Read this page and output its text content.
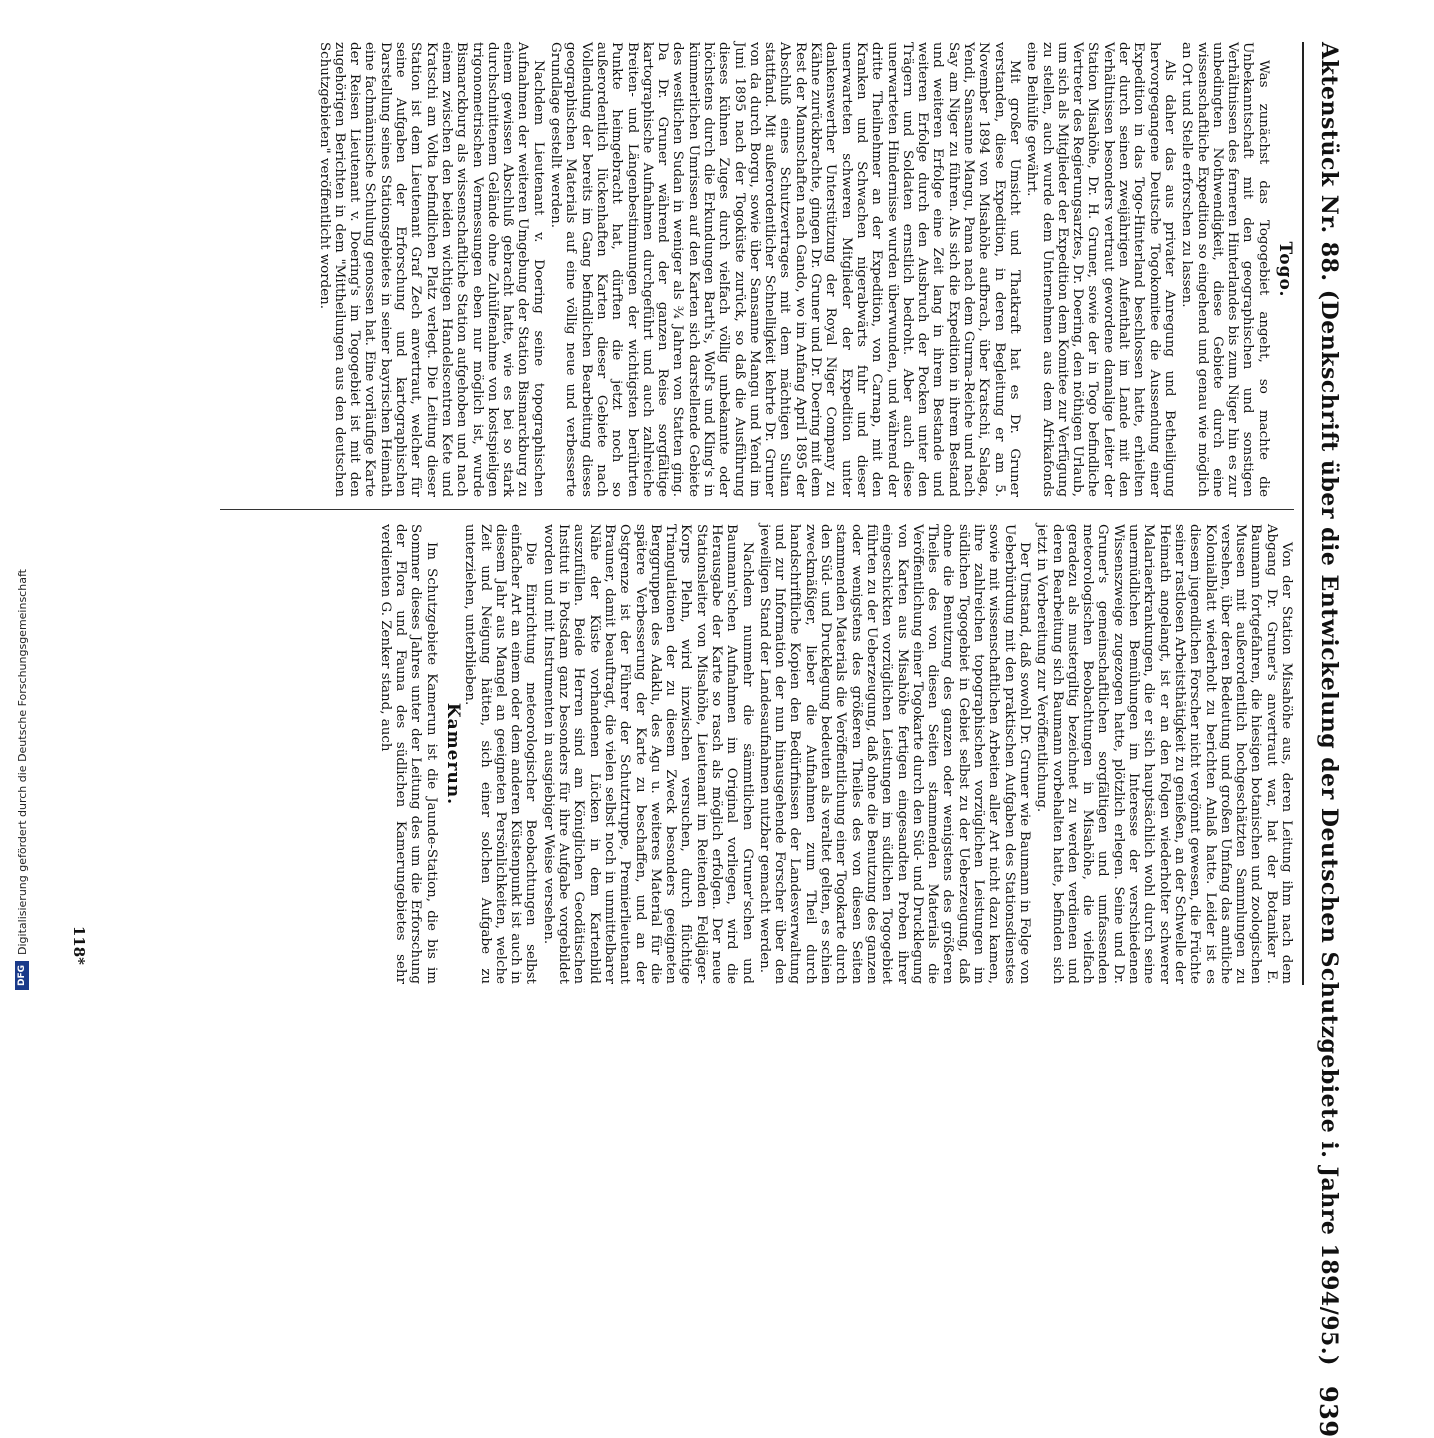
DFG
Digitalisierung gefördert durch die Deutsche Forschungsgemeinschaft	Aktenstück Nr. 88. (Denkschrift über die Entwickelung der Deutschen Schutzgebiete i. Jahre 1894/95.)
939
Togo.

Was zunächst das Togogebiet angeht, so machte die Unbekanntschaft mit den geographischen und sonstigen Verhältnissen des ferneren Hinterlandes bis zum Niger hin es zur unbedingten Nothwendigkeit, diese Gebiete durch eine wissenschaftliche Expedition so eingehend und genau wie möglich an Ort und Stelle erforschen zu lassen.

Als daher das aus privater Anregung und Betheiligung hervorgegangene Deutsche Togokomitee die Aussendung einer Expedition in das Togo-Hinterland beschlossen hatte, erhielten der durch seinen zweijährigen Aufenthalt im Lande mit den Verhältnissen besonders vertraut gewordene damalige Leiter der Station Misahöhe, Dr. H. Gruner, sowie der in Togo befindliche Vertreter des Regierungsarztes, Dr. Doering, den nöthigen Urlaub, um sich als Mitglieder der Expedition dem Komitee zur Verfügung zu stellen, auch wurde dem Unternehmen aus dem Afrikafonds eine Beihülfe gewährt.

Mit großer Umsicht und Thatkraft hat es Dr. Gruner verstanden, diese Expedition, in deren Begleitung er am 5. November 1894 von Misahöhe aufbrach, über Kratschi, Salaga, Yendi, Sansanne Mangu, Pama nach dem Gurma-Reiche und nach Say am Niger zu führen. Als sich die Expedition in ihrem Bestand und weiteren Erfolge eine Zeit lang in ihrem Bestande und weiteren Erfolge durch den Ausbruch der Pocken unter den Trägern und Soldaten ernstlich bedroht. Aber auch diese unerwarteten Hindernisse wurden überwunden, und während der dritte Theilnehmer an der Expedition, von Carnap, mit den Kranken und Schwachen nigerabwärts fuhr und dieser unerwarteten schweren Mitglieder der Expedition unter dankenswerther Unterstützung der Royal Niger Company zu Kähne zurückbrachte, gingen Dr. Gruner und Dr. Doering mit dem Rest der Mannschaften nach Gando, wo im Anfang April 1895 der Abschluß eines Schutzvertrages mit dem mächtigen Sultan stattfand. Mit außerordentlicher Schnelligkeit kehrte Dr. Gruner von da durch Borgu, sowie über Sansanne Mangu und Yendi im Juni 1895 nach der Togoküste zurück, so daß die Ausführung dieses kühnen Zuges durch vielfach völlig unbekannte oder höchstens durch die Erkundungen Barth's, Wolf's und Kling's in kümmerlichen Umrissen auf den Karten sich darstellende Gebiete des westlichen Sudan in weniger als ¾ Jahren von Statten ging. Da Dr. Gruner während der ganzen Reise sorgfältige kartographische Aufnahmen durchgeführt und auch zahlreiche Breiten- und Längenbestimmungen der wichtigsten berührten Punkte heimgebracht hat, dürften die jetzt noch so außerordentlich lückenhaften Karten dieser Gebiete nach Vollendung der bereits im Gang befindlichen Bearbeitung dieses geographischen Materials auf eine völlig neue und verbesserte Grundlage gestellt werden.

Nachdem Lieutenant v. Doering seine topographischen Aufnahmen der weiteren Umgebung der Station Bismarckburg zu einem gewissen Abschluß gebracht hatte, wie es bei so stark durchschnittenem Gelände ohne Zuhülfenahme von kostspieligen trigonometrischen Vermessungen eben nur möglich ist, wurde Bismarckburg als wissenschaftliche Station aufgehoben und nach einem zwischen den beiden wichtigen Handelscentren Kete und Kratschi am Volta befindlichen Platz verlegt. Die Leitung dieser Station ist dem Lieutenant Graf Zech anvertraut, welcher für seine Aufgaben der Erforschung und kartographischen Darstellung seines Stationsgebietes in seiner bayrischen Heimath eine fachmännische Schulung genossen hat. Eine vorläufige Karte der Reisen Lieutenant v. Doering's im Togogebiet ist mit den zugehörigen Berichten in dem "Mittheilungen aus den deutschen Schutzgebieten" veröffentlicht worden.

Von der Station Misahöhe aus, deren Leitung ihm nach dem Abgang Dr. Gruner's anvertraut war, hat der Botaniker E. Baumann fortgefahren, die hiesigen botanischen und zoologischen Museen mit außerordentlich hochgeschätzten Sammlungen zu versehen, über deren Bedeutung und großen Umfang das amtliche Kolonialblatt wiederholt zu berichten Anlaß hatte. Leider ist es diesem jugendlichen Forscher nicht vergönnt gewesen, die Früchte seiner rastlosen Arbeitsthätigkeit zu genießen, an der Schwelle der Heimath angelangt, ist er an den Folgen wiederholter schwerer Malariaerkrankungen, die er sich hauptsächlich wohl durch seine unermüdlichen Bemühungen im Interesse der verschiedenen Wissenszweige zugezogen hatte, plötzlich erlegen. Seine und Dr. Gruner's gemeinschaftlichen sorgfältigen und umfassenden meteorologischen Beobachtungen in Misahöhe, die vielfach geradezu als mustergiltig bezeichnet zu werden verdienen und deren Bearbeitung sich Baumann vorbehalten hatte, befinden sich jetzt in Vorbereitung zur Veröffentlichung.

Der Umstand, daß sowohl Dr. Gruner wie Baumann in Folge von Ueberbürdung mit den praktischen Aufgaben des Stationsdienstes sowie mit wissenschaftlichen Arbeiten aller Art nicht dazu kamen, ihre zahlreichen topographischen vorzüglichen Leistungen im südlichen Togogebiet in Gebiet selbst zu der Ueberzeugung, daß ohne die Benutzung des ganzen oder wenigstens des größeren Theiles des von diesen Seiten stammenden Materials die Veröffentlichung einer Togokarte durch den Süd- und Drucklegung von Karten aus Misahöhe fertigen eingesandten Proben ihrer eingeschickten vorzüglichen Leistungen im südlichen Togogebiet führten zu der Ueberzeugung, daß ohne die Benutzung des ganzen oder wenigstens des größeren Theiles des von diesen Seiten stammenden Materials die Veröffentlichung einer Togokarte durch den Süd- und Drucklegung bedeuten als veraltet gelten, es schien zweckmäßiger, lieber die Aufnahmen zum Theil durch handschriftliche Kopien den Bedürfnissen der Landesverwaltung und zur Information der nun hinausgehende Forscher über den jeweiligen Stand der Landesaufnahmen nutzbar gemacht werden.

Nachdem nunmehr die sämmtlichen Gruner'schen und Baumann'schen Aufnahmen im Original vorliegen, wird die Herausgabe der Karte so rasch als möglich erfolgen. Der neue Stationsleiter von Misahöhe, Lieutenant im Reitenden Feldjäger-Korps Plehn, wird inzwischen versuchen, durch flüchtige Triangulationen der zu diesem Zweck besonders geeigneten Berggruppen des Adaklu, des Agu u. weiteres Material für die spätere Verbesserung der Karte zu beschaffen, und an der Ostgrenze ist der Führer der Schutztruppe, Premierlieutenant Brauner, damit beauftragt, die vielen selbst noch in unmittelbarer Nähe der Küste vorhandenen Lücken in dem Kartenbild auszufüllen. Beide Herren sind am Königlichen Geodätischen Institut in Potsdam ganz besonders für ihre Aufgabe vorgebildet worden und mit Instrumenten in ausgiebiger Weise versehen.

Die Einrichtung meteorologischer Beobachtungen selbst einfacher Art an einem oder dem anderen Küstenpunkt ist auch in diesem Jahr aus Mangel an geeigneten Persönlichkeiten, welche Zeit und Neigung hätten, sich einer solchen Aufgabe zu unterziehen, unterblieben.

Kamerun.

Im Schutzgebiete Kamerun ist die Jaunde-Station, die bis im Sommer dieses Jahres unter der Leitung des um die Erforschung der Flora und Fauna des südlichen Kamerungebietes sehr verdienten G. Zenker stand, auch

118*
